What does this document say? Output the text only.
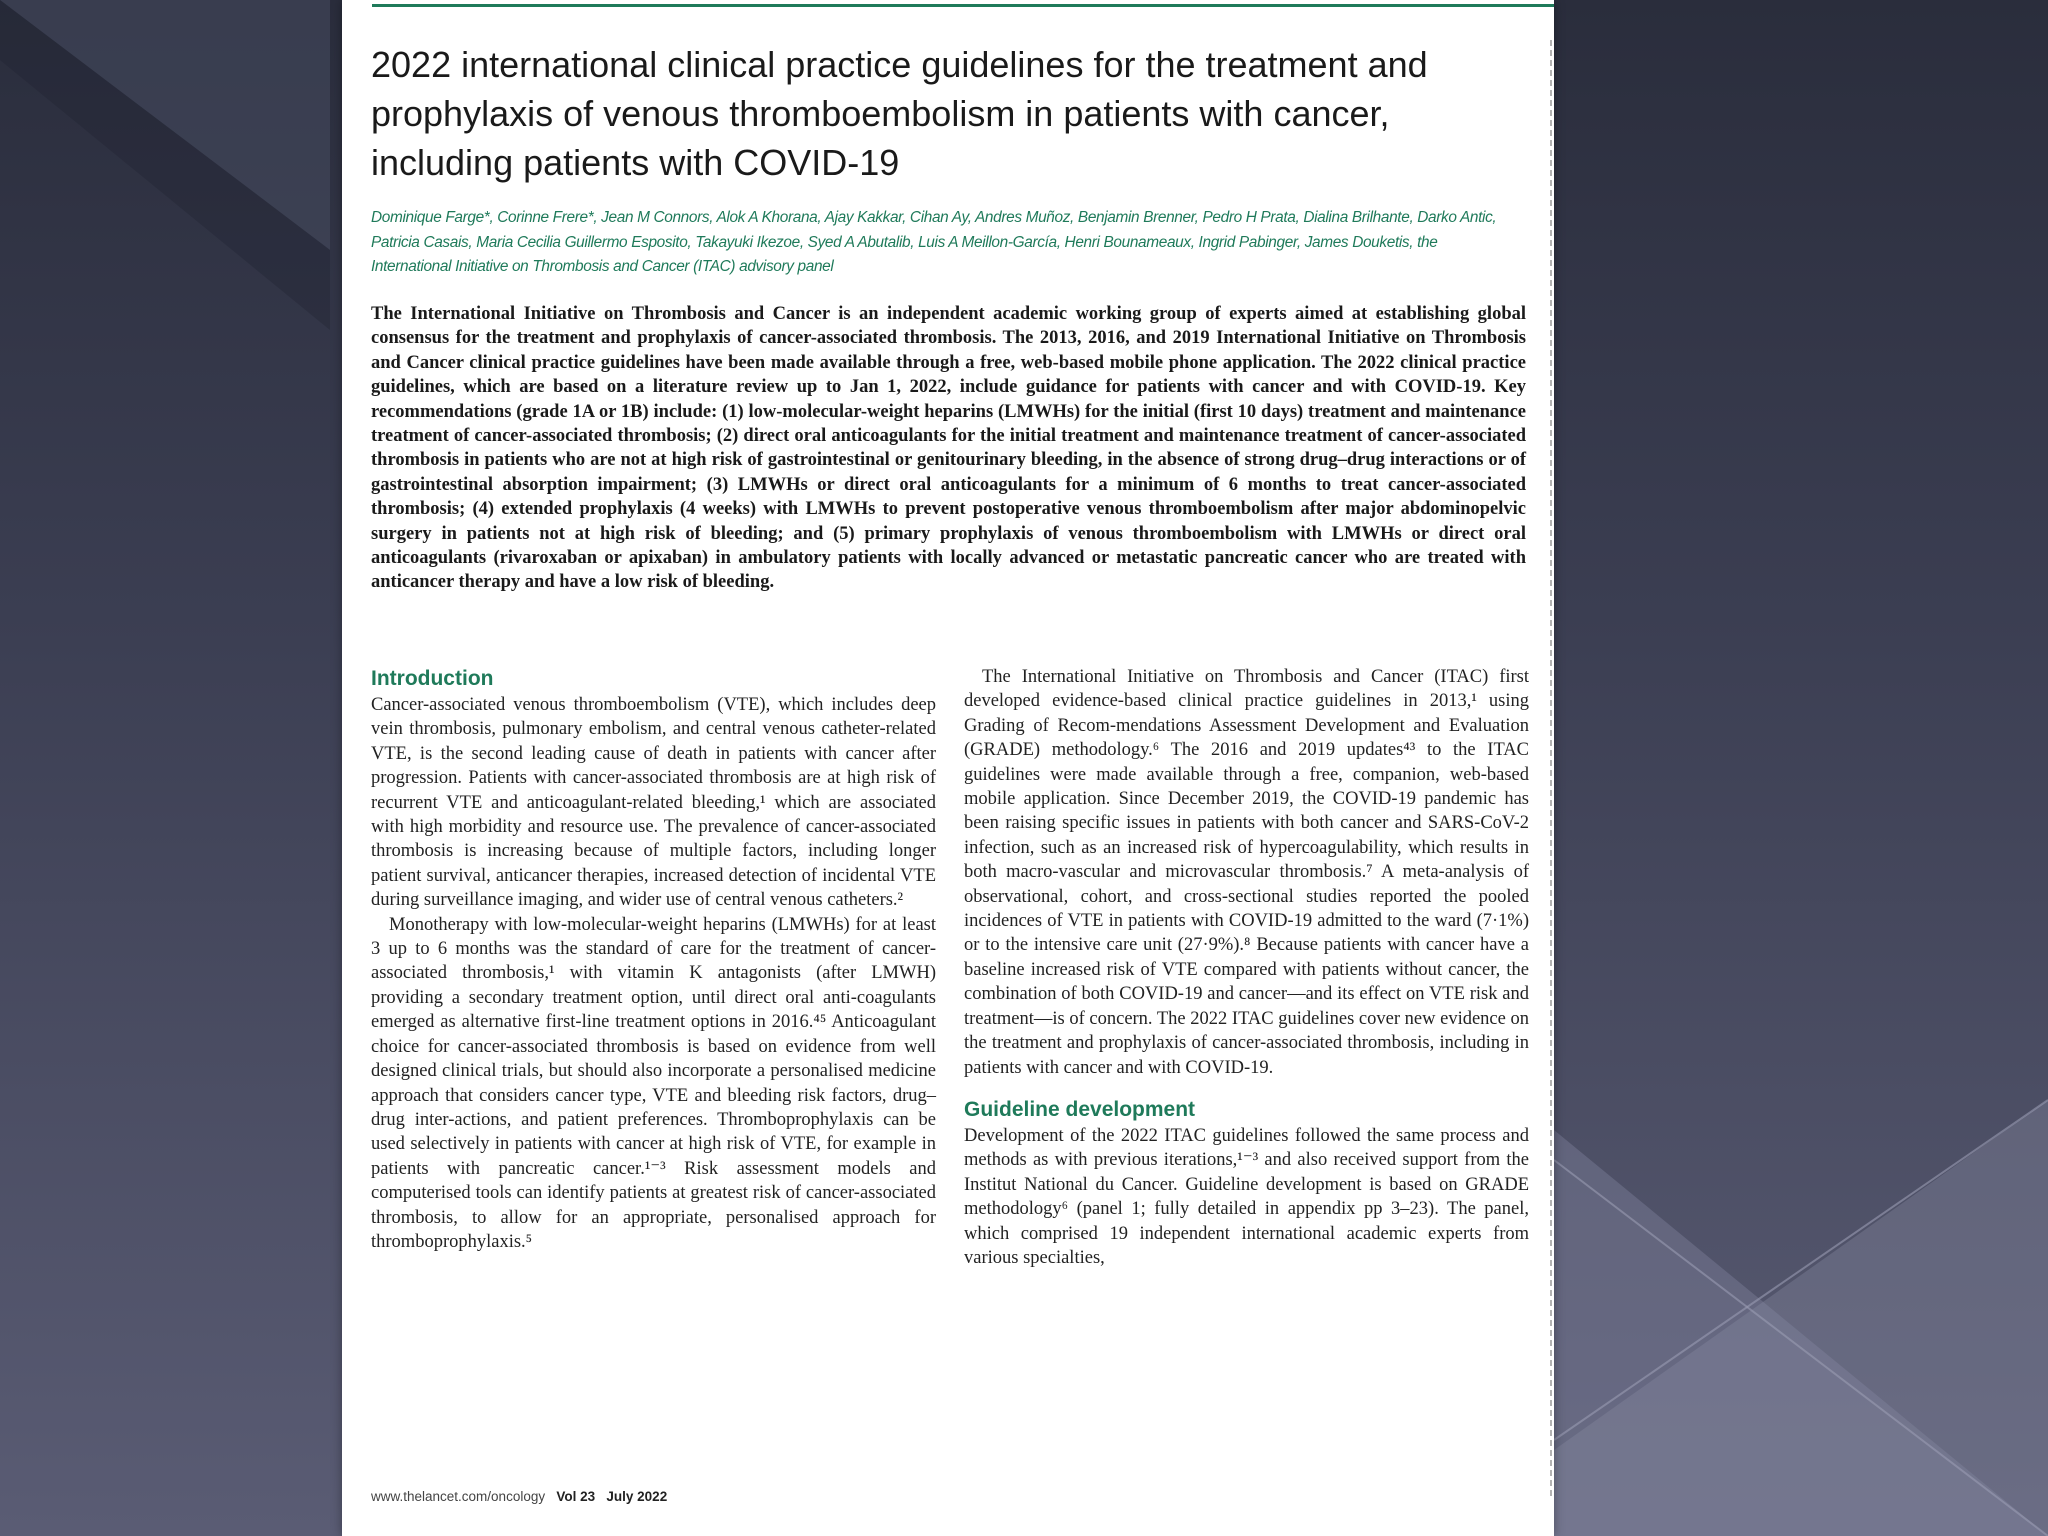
2022 international clinical practice guidelines for the treatment and prophylaxis of venous thromboembolism in patients with cancer, including patients with COVID-19

Dominique Farge*, Corinne Frere*, Jean M Connors, Alok A Khorana, Ajay Kakkar, Cihan Ay, Andres Muñoz, Benjamin Brenner, Pedro H Prata, Dialina Brilhante, Darko Antic, Patricia Casais, Maria Cecilia Guillermo Esposito, Takayuki Ikezoe, Syed A Abutalib, Luis A Meillon-García, Henri Bounameaux, Ingrid Pabinger, James Douketis, the International Initiative on Thrombosis and Cancer (ITAC) advisory panel

The International Initiative on Thrombosis and Cancer is an independent academic working group of experts aimed at establishing global consensus for the treatment and prophylaxis of cancer-associated thrombosis. The 2013, 2016, and 2019 International Initiative on Thrombosis and Cancer clinical practice guidelines have been made available through a free, web-based mobile phone application. The 2022 clinical practice guidelines, which are based on a literature review up to Jan 1, 2022, include guidance for patients with cancer and with COVID-19. Key recommendations (grade 1A or 1B) include: (1) low-molecular-weight heparins (LMWHs) for the initial (first 10 days) treatment and maintenance treatment of cancer-associated thrombosis; (2) direct oral anticoagulants for the initial treatment and maintenance treatment of cancer-associated thrombosis in patients who are not at high risk of gastrointestinal or genitourinary bleeding, in the absence of strong drug–drug interactions or of gastrointestinal absorption impairment; (3) LMWHs or direct oral anticoagulants for a minimum of 6 months to treat cancer-associated thrombosis; (4) extended prophylaxis (4 weeks) with LMWHs to prevent postoperative venous thromboembolism after major abdominopelvic surgery in patients not at high risk of bleeding; and (5) primary prophylaxis of venous thromboembolism with LMWHs or direct oral anticoagulants (rivaroxaban or apixaban) in ambulatory patients with locally advanced or metastatic pancreatic cancer who are treated with anticancer therapy and have a low risk of bleeding.

Introduction

Cancer-associated venous thromboembolism (VTE), which includes deep vein thrombosis, pulmonary embolism, and central venous catheter-related VTE, is the second leading cause of death in patients with cancer after progression. Patients with cancer-associated thrombosis are at high risk of recurrent VTE and anticoagulant-related bleeding,¹ which are associated with high morbidity and resource use. The prevalence of cancer-associated thrombosis is increasing because of multiple factors, including longer patient survival, anticancer therapies, increased detection of incidental VTE during surveillance imaging, and wider use of central venous catheters.²

Monotherapy with low-molecular-weight heparins (LMWHs) for at least 3 up to 6 months was the standard of care for the treatment of cancer-associated thrombosis,¹ with vitamin K antagonists (after LMWH) providing a secondary treatment option, until direct oral anti-coagulants emerged as alternative first-line treatment options in 2016.⁴⁵ Anticoagulant choice for cancer-associated thrombosis is based on evidence from well designed clinical trials, but should also incorporate a personalised medicine approach that considers cancer type, VTE and bleeding risk factors, drug–drug inter-actions, and patient preferences. Thromboprophylaxis can be used selectively in patients with cancer at high risk of VTE, for example in patients with pancreatic cancer.¹⁻³ Risk assessment models and computerised tools can identify patients at greatest risk of cancer-associated thrombosis, to allow for an appropriate, personalised approach for thromboprophylaxis.⁵

The International Initiative on Thrombosis and Cancer (ITAC) first developed evidence-based clinical practice guidelines in 2013,¹ using Grading of Recom-mendations Assessment Development and Evaluation (GRADE) methodology.⁶ The 2016 and 2019 updates⁴³ to the ITAC guidelines were made available through a free, companion, web-based mobile application. Since December 2019, the COVID-19 pandemic has been raising specific issues in patients with both cancer and SARS-CoV-2 infection, such as an increased risk of hypercoagulability, which results in both macro-vascular and microvascular thrombosis.⁷ A meta-analysis of observational, cohort, and cross-sectional studies reported the pooled incidences of VTE in patients with COVID-19 admitted to the ward (7·1%) or to the intensive care unit (27·9%).⁸ Because patients with cancer have a baseline increased risk of VTE compared with patients without cancer, the combination of both COVID-19 and cancer—and its effect on VTE risk and treatment—is of concern. The 2022 ITAC guidelines cover new evidence on the treatment and prophylaxis of cancer-associated thrombosis, including in patients with cancer and with COVID-19.

Guideline development

Development of the 2022 ITAC guidelines followed the same process and methods as with previous iterations,¹⁻³ and also received support from the Institut National du Cancer. Guideline development is based on GRADE methodology⁶ (panel 1; fully detailed in appendix pp 3–23). The panel, which comprised 19 independent international academic experts from various specialties,

www.thelancet.com/oncology Vol 23 July 2022
